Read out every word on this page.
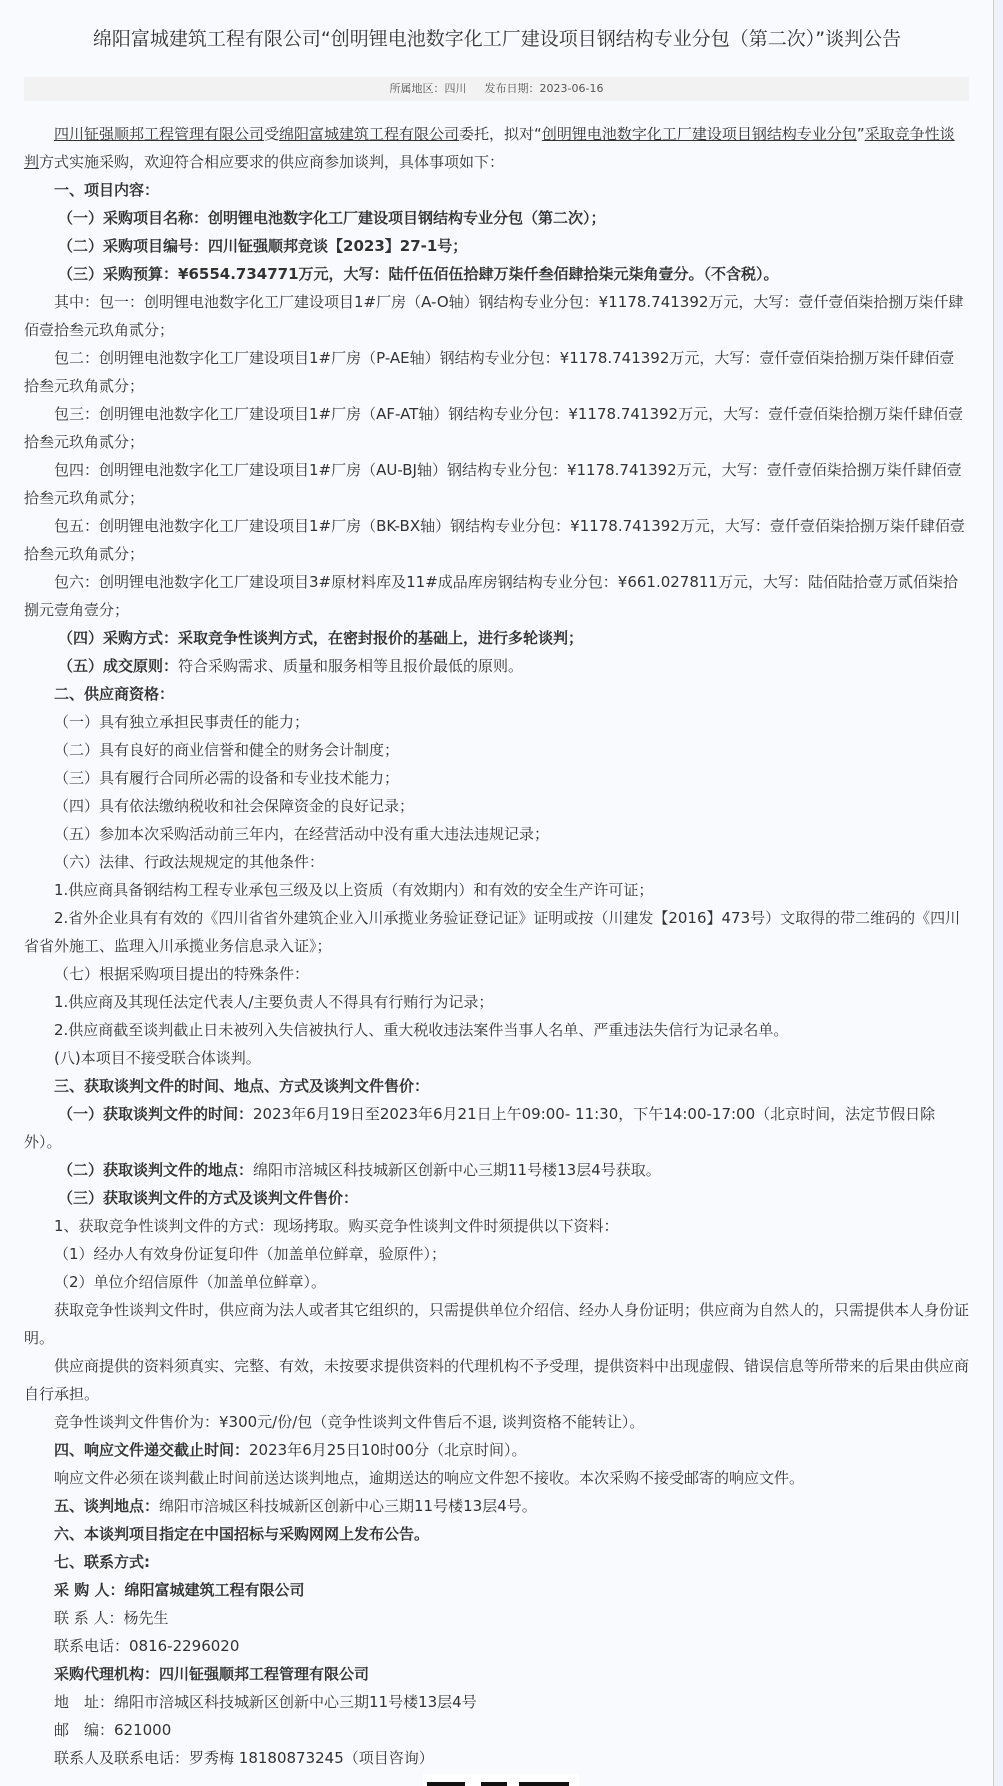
绵阳富城建筑工程有限公司“创明锂电池数字化工厂建设项目钢结构专业分包（第二次）”谈判公告
所属地区：四川 发布日期：2023-06-16

四川钲强顺邦工程管理有限公司受绵阳富城建筑工程有限公司委托，拟对“创明锂电池数字化工厂建设项目钢结构专业分包”采取竞争性谈判方式实施采购，欢迎符合相应要求的供应商参加谈判，具体事项如下：

一、项目内容：

（一）采购项目名称：创明锂电池数字化工厂建设项目钢结构专业分包（第二次）；

（二）采购项目编号：四川钲强顺邦竞谈【2023】27-1号；

（三）采购预算：¥6554.734771万元，大写：陆仟伍佰伍拾肆万柒仟叁佰肆拾柒元柒角壹分。（不含税）。

其中：包一：创明锂电池数字化工厂建设项目1#厂房（A-O轴）钢结构专业分包：¥1178.741392万元，大写：壹仟壹佰柒拾捌万柒仟肆佰壹拾叁元玖角贰分；

包二：创明锂电池数字化工厂建设项目1#厂房（P-AE轴）钢结构专业分包：¥1178.741392万元，大写：壹仟壹佰柒拾捌万柒仟肆佰壹拾叁元玖角贰分；

包三：创明锂电池数字化工厂建设项目1#厂房（AF-AT轴）钢结构专业分包：¥1178.741392万元，大写：壹仟壹佰柒拾捌万柒仟肆佰壹拾叁元玖角贰分；

包四：创明锂电池数字化工厂建设项目1#厂房（AU-BJ轴）钢结构专业分包：¥1178.741392万元，大写：壹仟壹佰柒拾捌万柒仟肆佰壹拾叁元玖角贰分；

包五：创明锂电池数字化工厂建设项目1#厂房（BK-BX轴）钢结构专业分包：¥1178.741392万元，大写：壹仟壹佰柒拾捌万柒仟肆佰壹拾叁元玖角贰分；

包六：创明锂电池数字化工厂建设项目3#原材料库及11#成品库房钢结构专业分包：¥661.027811万元，大写：陆佰陆拾壹万贰佰柒拾捌元壹角壹分；

（四）采购方式：采取竞争性谈判方式，在密封报价的基础上，进行多轮谈判；

（五）成交原则：符合采购需求、质量和服务相等且报价最低的原则。

二、供应商资格：

（一）具有独立承担民事责任的能力；

（二）具有良好的商业信誉和健全的财务会计制度；

（三）具有履行合同所必需的设备和专业技术能力；

（四）具有依法缴纳税收和社会保障资金的良好记录；

（五）参加本次采购活动前三年内，在经营活动中没有重大违法违规记录；

（六）法律、行政法规规定的其他条件：

1.供应商具备钢结构工程专业承包三级及以上资质（有效期内）和有效的安全生产许可证；

2.省外企业具有有效的《四川省省外建筑企业入川承揽业务验证登记证》证明或按（川建发【2016】473号）文取得的带二维码的《四川省省外施工、监理入川承揽业务信息录入证》；

（七）根据采购项目提出的特殊条件：

1.供应商及其现任法定代表人/主要负责人不得具有行贿行为记录；

2.供应商截至谈判截止日未被列入失信被执行人、重大税收违法案件当事人名单、严重违法失信行为记录名单。

(八)本项目不接受联合体谈判。

三、获取谈判文件的时间、地点、方式及谈判文件售价：

（一）获取谈判文件的时间：2023年6月19日至2023年6月21日上午09:00- 11:30，下午14:00-17:00（北京时间，法定节假日除外）。

（二）获取谈判文件的地点：绵阳市涪城区科技城新区创新中心三期11号楼13层4号获取。

（三）获取谈判文件的方式及谈判文件售价：

1、获取竞争性谈判文件的方式：现场拷取。购买竞争性谈判文件时须提供以下资料：

（1）经办人有效身份证复印件（加盖单位鲜章，验原件）；

（2）单位介绍信原件（加盖单位鲜章）。

获取竞争性谈判文件时，供应商为法人或者其它组织的，只需提供单位介绍信、经办人身份证明；供应商为自然人的，只需提供本人身份证明。

供应商提供的资料须真实、完整、有效，未按要求提供资料的代理机构不予受理，提供资料中出现虚假、错误信息等所带来的后果由供应商自行承担。

竞争性谈判文件售价为：¥300元/份/包（竞争性谈判文件售后不退, 谈判资格不能转让）。

四、响应文件递交截止时间：2023年6月25日10时00分（北京时间）。

响应文件必须在谈判截止时间前送达谈判地点，逾期送达的响应文件恕不接收。本次采购不接受邮寄的响应文件。

五、谈判地点：绵阳市涪城区科技城新区创新中心三期11号楼13层4号。

六、本谈判项目指定在中国招标与采购网网上发布公告。

七、联系方式:

采 购 人：绵阳富城建筑工程有限公司

联 系 人：杨先生

联系电话：0816-2296020

采购代理机构：四川钲强顺邦工程管理有限公司

地　址：绵阳市涪城区科技城新区创新中心三期11号楼13层4号

邮　编：621000

联系人及联系电话：罗秀梅 18180873245（项目咨询）
